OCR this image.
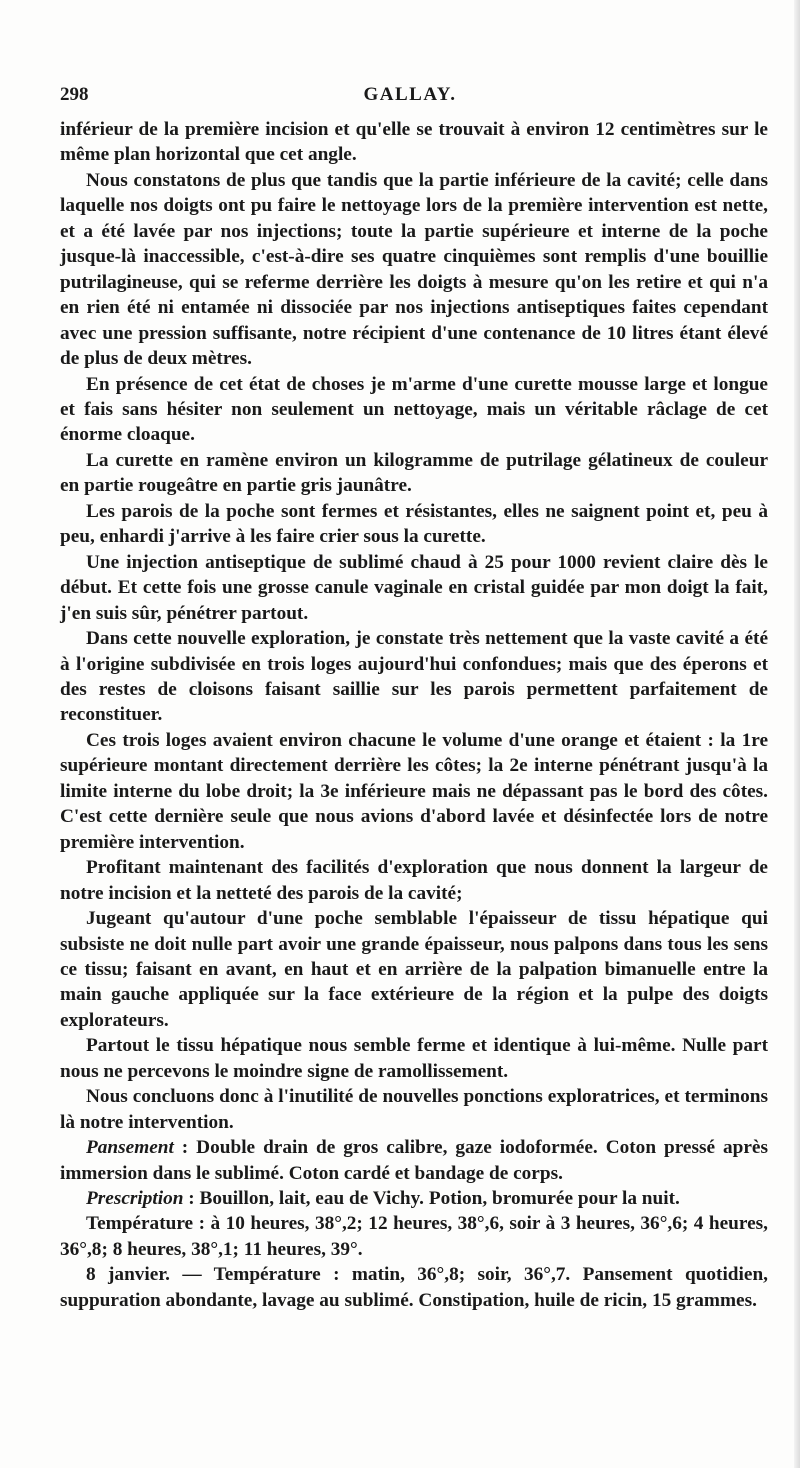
298	GALLAY.

inférieur de la première incision et qu'elle se trouvait à environ 12 centimètres sur le même plan horizontal que cet angle.

Nous constatons de plus que tandis que la partie inférieure de la cavité; celle dans laquelle nos doigts ont pu faire le nettoyage lors de la première intervention est nette, et a été lavée par nos injections; toute la partie supérieure et interne de la poche jusque-là inaccessible, c'est-à-dire ses quatre cinquièmes sont remplis d'une bouillie putrilagineuse, qui se referme derrière les doigts à mesure qu'on les retire et qui n'a en rien été ni entamée ni dissociée par nos injections antiseptiques faites cependant avec une pression suffisante, notre récipient d'une contenance de 10 litres étant élevé de plus de deux mètres.

En présence de cet état de choses je m'arme d'une curette mousse large et longue et fais sans hésiter non seulement un nettoyage, mais un véritable râclage de cet énorme cloaque.

La curette en ramène environ un kilogramme de putrilage gélatineux de couleur en partie rougeâtre en partie gris jaunâtre.

Les parois de la poche sont fermes et résistantes, elles ne saignent point et, peu à peu, enhardi j'arrive à les faire crier sous la curette.

Une injection antiseptique de sublimé chaud à 25 pour 1000 revient claire dès le début. Et cette fois une grosse canule vaginale en cristal guidée par mon doigt la fait, j'en suis sûr, pénétrer partout.

Dans cette nouvelle exploration, je constate très nettement que la vaste cavité a été à l'origine subdivisée en trois loges aujourd'hui confondues; mais que des éperons et des restes de cloisons faisant saillie sur les parois permettent parfaitement de reconstituer.

Ces trois loges avaient environ chacune le volume d'une orange et étaient : la 1re supérieure montant directement derrière les côtes; la 2e interne pénétrant jusqu'à la limite interne du lobe droit; la 3e inférieure mais ne dépassant pas le bord des côtes. C'est cette dernière seule que nous avions d'abord lavée et désinfectée lors de notre première intervention.

Profitant maintenant des facilités d'exploration que nous donnent la largeur de notre incision et la netteté des parois de la cavité;

Jugeant qu'autour d'une poche semblable l'épaisseur de tissu hépatique qui subsiste ne doit nulle part avoir une grande épaisseur, nous palpons dans tous les sens ce tissu; faisant en avant, en haut et en arrière de la palpation bimanuelle entre la main gauche appliquée sur la face extérieure de la région et la pulpe des doigts explorateurs.

Partout le tissu hépatique nous semble ferme et identique à lui-même. Nulle part nous ne percevons le moindre signe de ramollissement.

Nous concluons donc à l'inutilité de nouvelles ponctions exploratrices, et terminons là notre intervention.

Pansement : Double drain de gros calibre, gaze iodoformée. Coton pressé après immersion dans le sublimé. Coton cardé et bandage de corps.

Prescription : Bouillon, lait, eau de Vichy. Potion, bromurée pour la nuit.

Température : à 10 heures, 38°,2; 12 heures, 38°,6, soir à 3 heures, 36°,6; 4 heures, 36°,8; 8 heures, 38°,1; 11 heures, 39°.

8 janvier. — Température : matin, 36°,8; soir, 36°,7. Pansement quotidien, suppuration abondante, lavage au sublimé. Constipation, huile de ricin, 15 grammes.
